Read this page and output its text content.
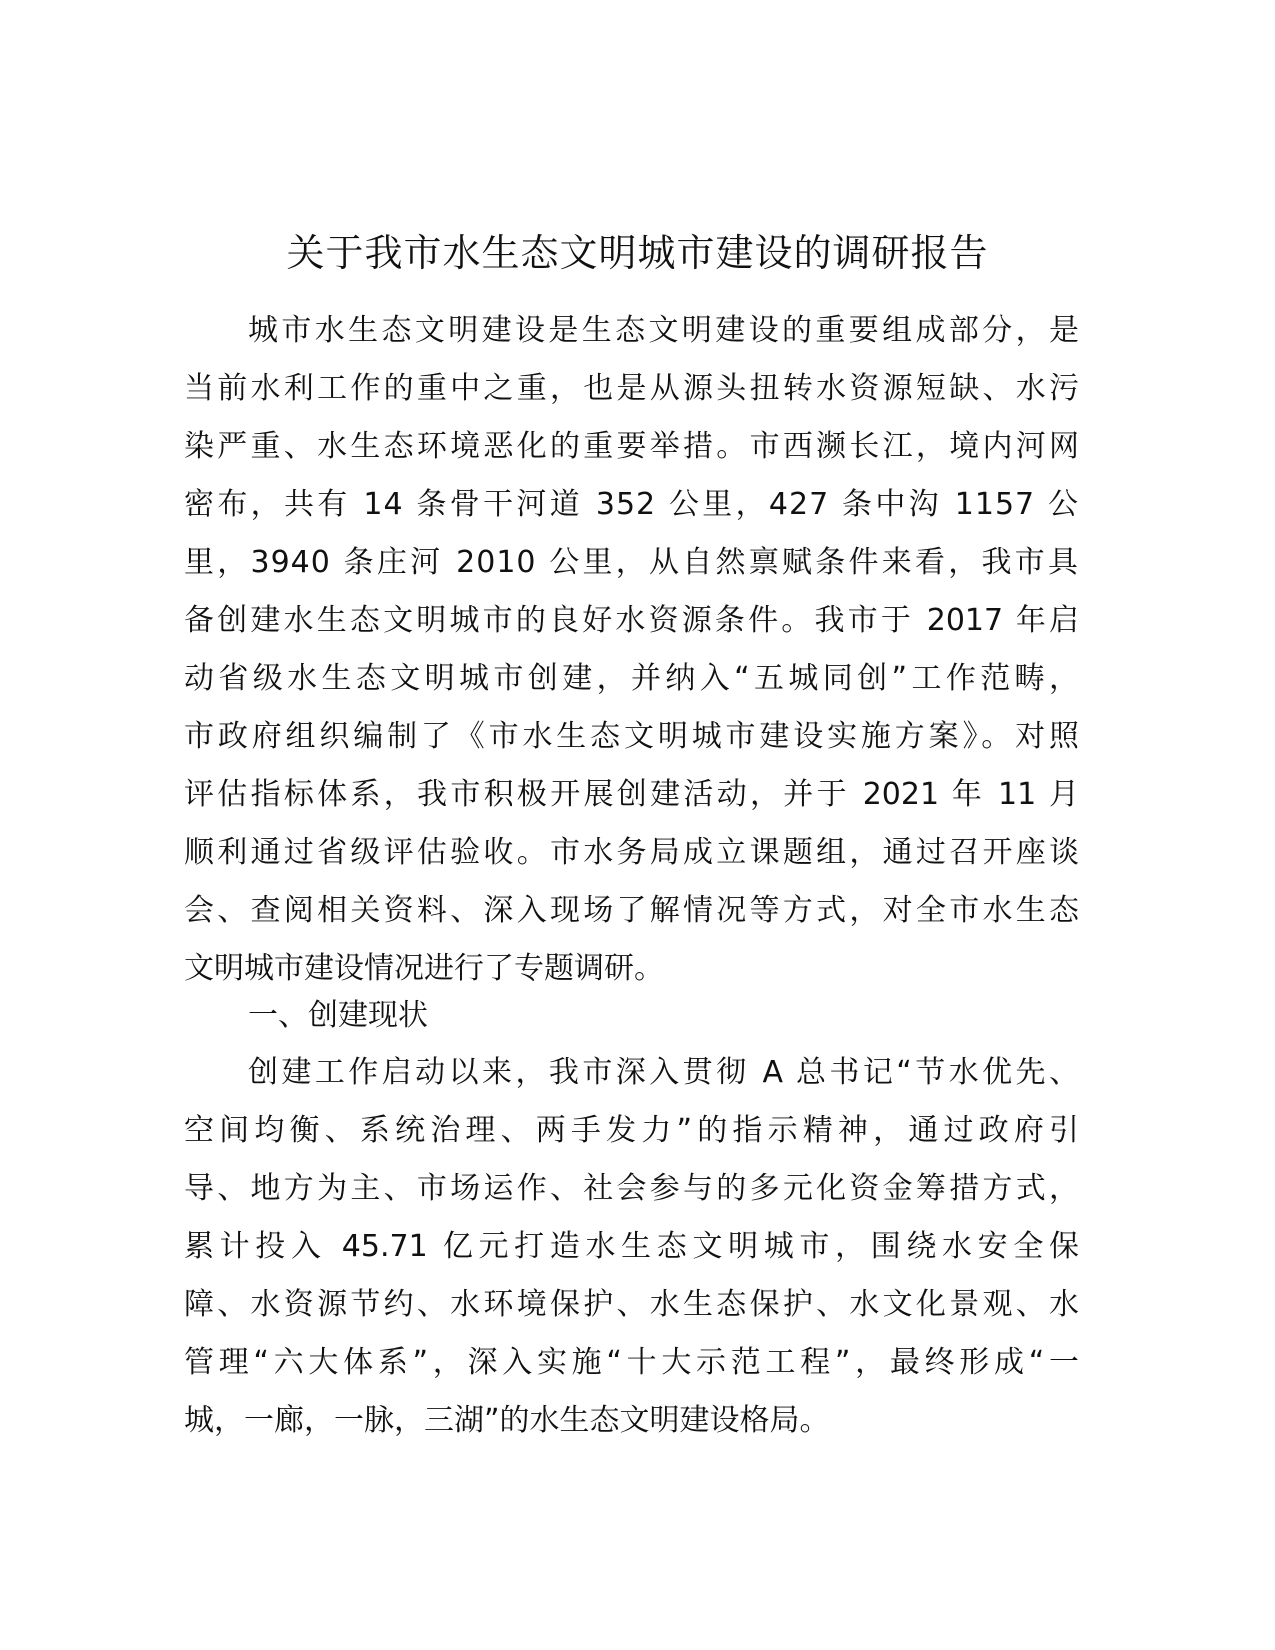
关于我市水生态文明城市建设的调研报告
城市水生态文明建设是生态文明建设的重要组成部分，是
当前水利工作的重中之重，也是从源头扭转水资源短缺、水污
染严重、水生态环境恶化的重要举措。市西濒长江，境内河网
密布，共有 14 条骨干河道 352 公里，427 条中沟 1157 公
里，3940 条庄河 2010 公里，从自然禀赋条件来看，我市具
备创建水生态文明城市的良好水资源条件。我市于 2017 年启
动省级水生态文明城市创建，并纳入“五城同创”工作范畴，
市政府组织编制了《市水生态文明城市建设实施方案》。对照
评估指标体系，我市积极开展创建活动，并于 2021 年 11 月
顺利通过省级评估验收。市水务局成立课题组，通过召开座谈
会、查阅相关资料、深入现场了解情况等方式，对全市水生态
文明城市建设情况进行了专题调研。
一、创建现状
创建工作启动以来，我市深入贯彻 A 总书记“节水优先、
空间均衡、系统治理、两手发力”的指示精神，通过政府引
导、地方为主、市场运作、社会参与的多元化资金筹措方式，
累计投入 45.71 亿元打造水生态文明城市，围绕水安全保
障、水资源节约、水环境保护、水生态保护、水文化景观、水
管理“六大体系”，深入实施“十大示范工程”，最终形成“一
城，一廊，一脉，三湖”的水生态文明建设格局。
